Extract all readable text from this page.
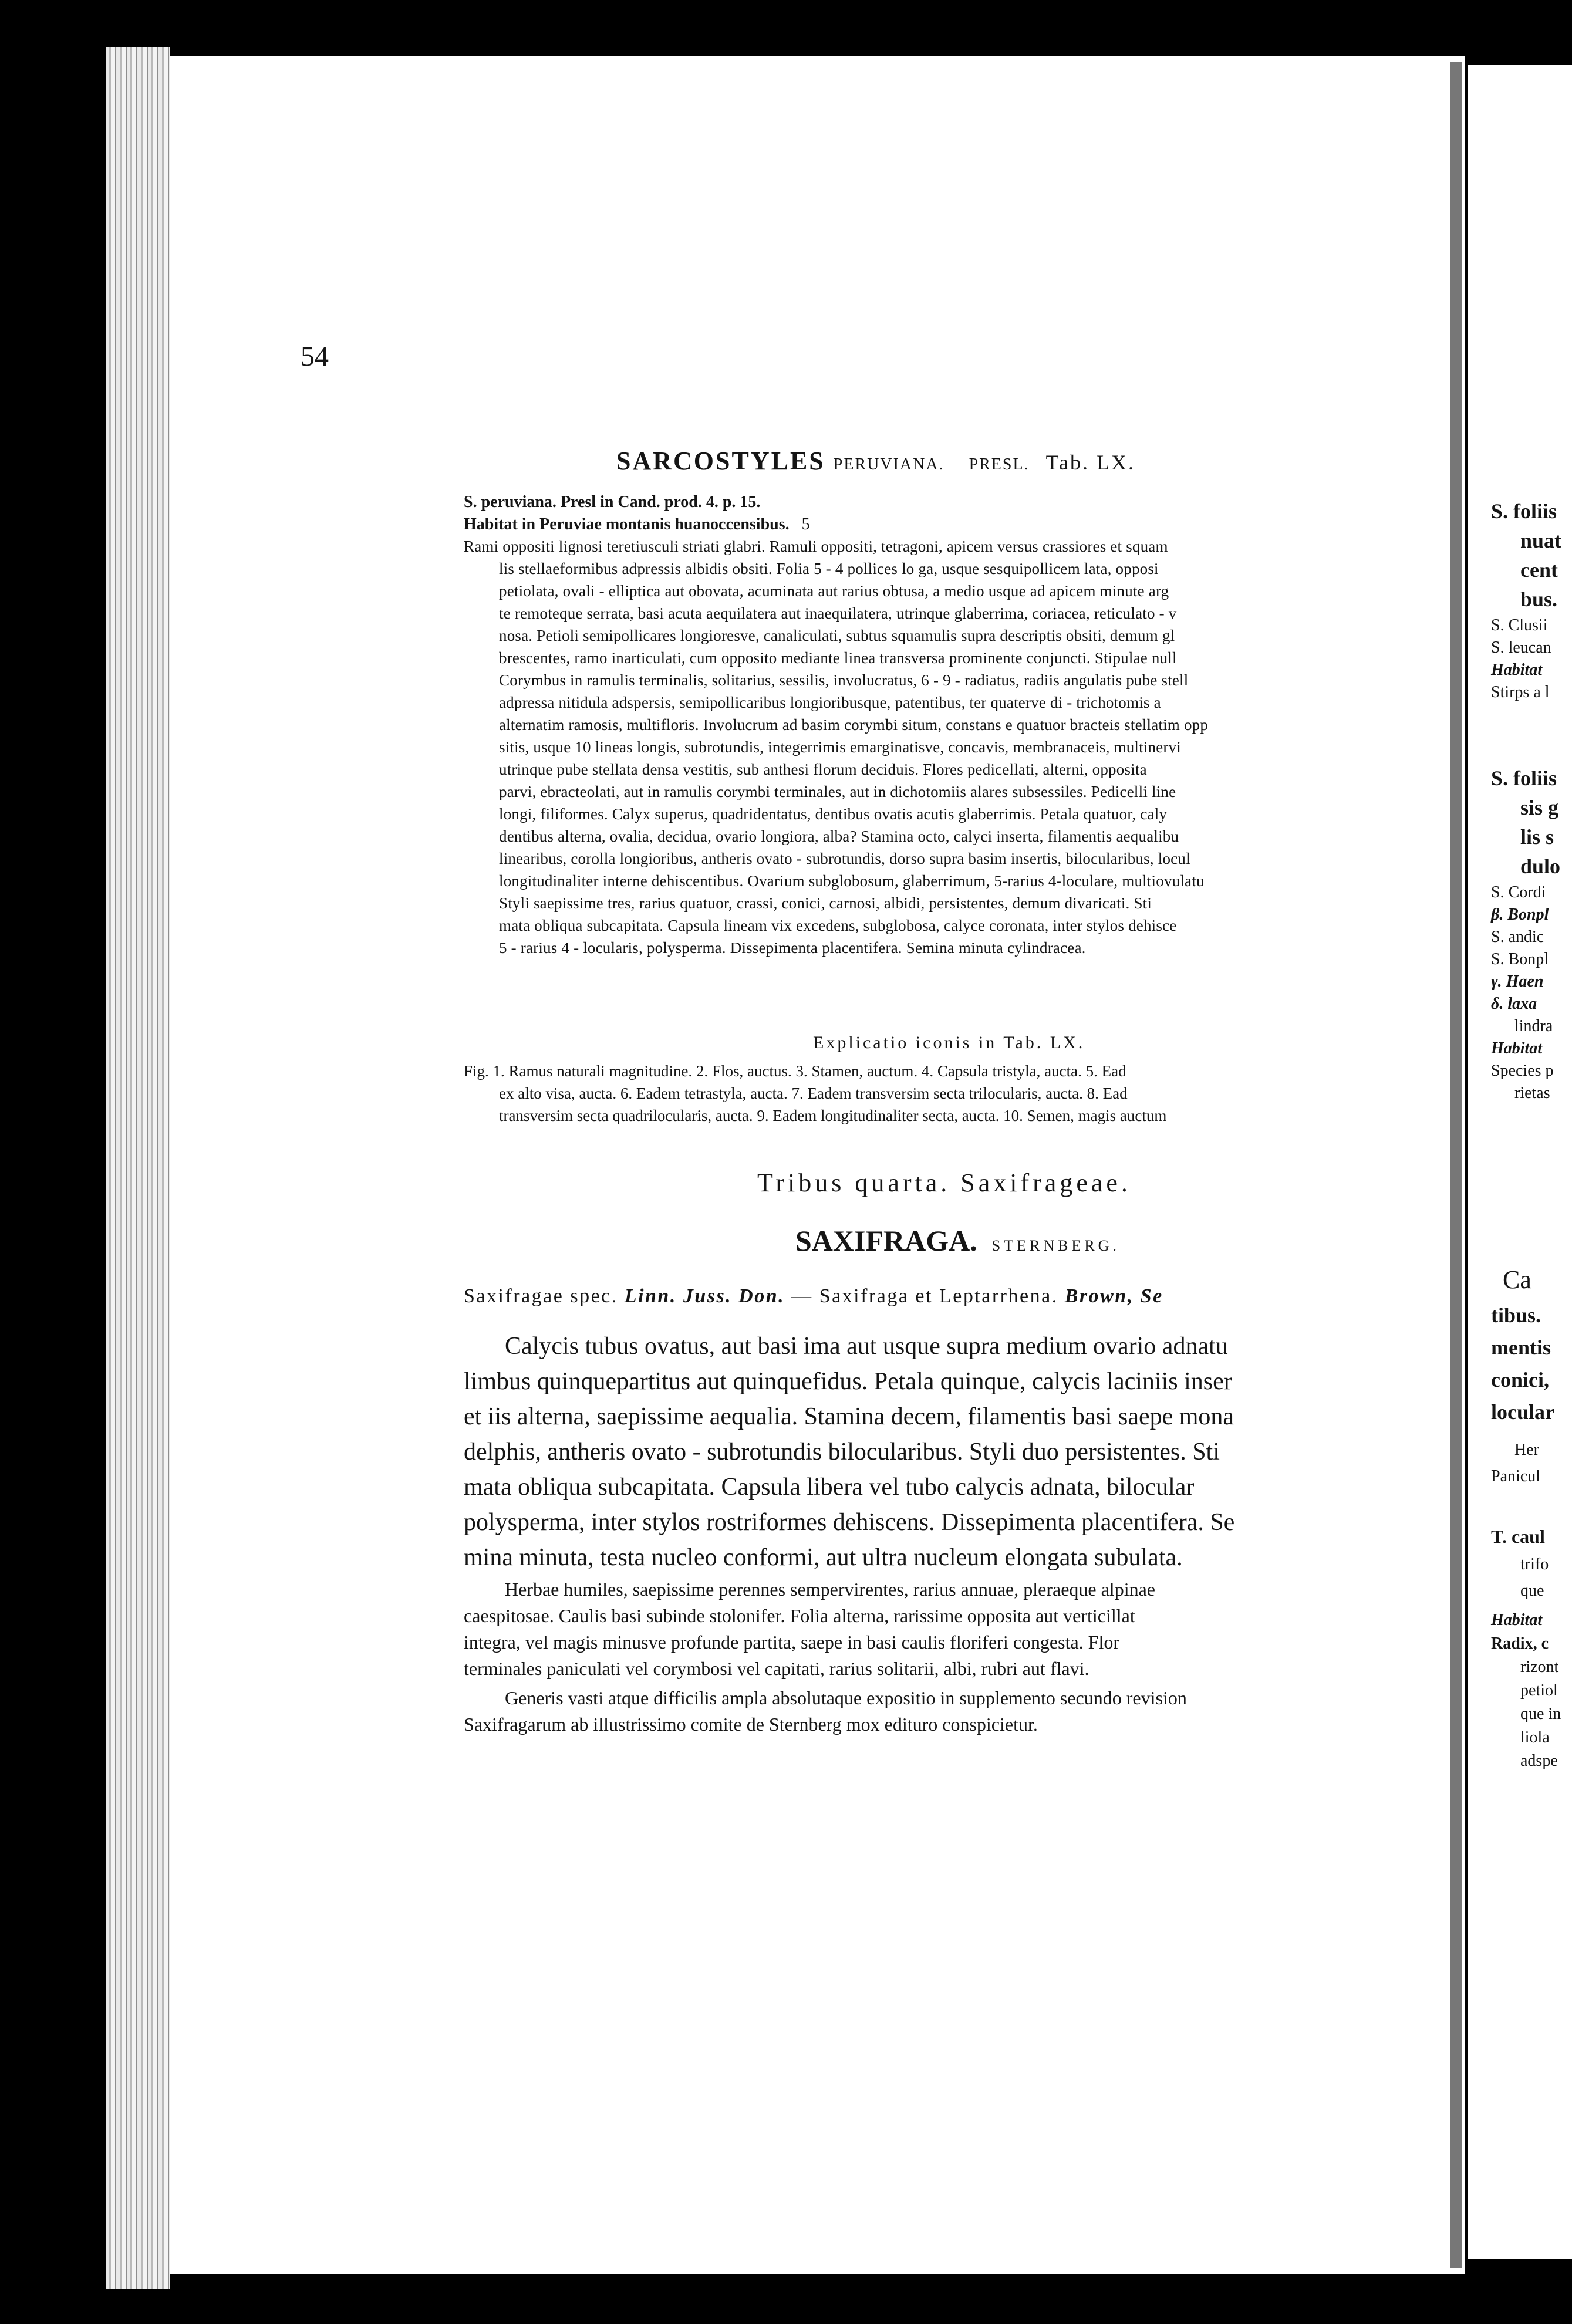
54
SARCOSTYLES PERUVIANA. PRESL. Tab. LX.
S. peruviana. Presl in Cand. prod. 4. p. 15.
Habitat in Peruviae montanis huanoccensibus. 5
Rami oppositi lignosi teretiusculi striati glabri. Ramuli oppositi, tetragoni, apicem versus crassiores et squam
lis stellaeformibus adpressis albidis obsiti. Folia 5 - 4 pollices lo ga, usque sesquipollicem lata, opposi
petiolata, ovali - elliptica aut obovata, acuminata aut rarius obtusa, a medio usque ad apicem minute arg
te remoteque serrata, basi acuta aequilatera aut inaequilatera, utrinque glaberrima, coriacea, reticulato - v
nosa. Petioli semipollicares longioresve, canaliculati, subtus squamulis supra descriptis obsiti, demum gl
brescentes, ramo inarticulati, cum opposito mediante linea transversa prominente conjuncti. Stipulae null
Corymbus in ramulis terminalis, solitarius, sessilis, involucratus, 6 - 9 - radiatus, radiis angulatis pube stell
adpressa nitidula adspersis, semipollicaribus longioribusque, patentibus, ter quaterve di - trichotomis a
alternatim ramosis, multifloris. Involucrum ad basim corymbi situm, constans e quatuor bracteis stellatim opp
sitis, usque 10 lineas longis, subrotundis, integerrimis emarginatisve, concavis, membranaceis, multinervi
utrinque pube stellata densa vestitis, sub anthesi florum deciduis. Flores pedicellati, alterni, opposita
parvi, ebracteolati, aut in ramulis corymbi terminales, aut in dichotomiis alares subsessiles. Pedicelli line
longi, filiformes. Calyx superus, quadridentatus, dentibus ovatis acutis glaberrimis. Petala quatuor, caly
dentibus alterna, ovalia, decidua, ovario longiora, alba? Stamina octo, calyci inserta, filamentis aequalibu
linearibus, corolla longioribus, antheris ovato - subrotundis, dorso supra basim insertis, bilocularibus, locul
longitudinaliter interne dehiscentibus. Ovarium subglobosum, glaberrimum, 5-rarius 4-loculare, multiovulatu
Styli saepissime tres, rarius quatuor, crassi, conici, carnosi, albidi, persistentes, demum divaricati. Sti
mata obliqua subcapitata. Capsula lineam vix excedens, subglobosa, calyce coronata, inter stylos dehisce
5 - rarius 4 - locularis, polysperma. Dissepimenta placentifera. Semina minuta cylindracea.
Explicatio iconis in Tab. LX.
Fig. 1. Ramus naturali magnitudine. 2. Flos, auctus. 3. Stamen, auctum. 4. Capsula tristyla, aucta. 5. Ead
ex alto visa, aucta. 6. Eadem tetrastyla, aucta. 7. Eadem transversim secta trilocularis, aucta. 8. Ead
transversim secta quadrilocularis, aucta. 9. Eadem longitudinaliter secta, aucta. 10. Semen, magis auctum
Tribus quarta. Saxifrageae.
SAXIFRAGA. STERNBERG.
Saxifragae spec. Linn. Juss. Don. — Saxifraga et Leptarrhena. Brown, Se
Calycis tubus ovatus, aut basi ima aut usque supra medium ovario adnatu
limbus quinquepartitus aut quinquefidus. Petala quinque, calycis laciniis inser
et iis alterna, saepissime aequalia. Stamina decem, filamentis basi saepe mona
delphis, antheris ovato - subrotundis bilocularibus. Styli duo persistentes. Sti
mata obliqua subcapitata. Capsula libera vel tubo calycis adnata, bilocular
polysperma, inter stylos rostriformes dehiscens. Dissepimenta placentifera. Se
mina minuta, testa nucleo conformi, aut ultra nucleum elongata subulata.
Herbae humiles, saepissime perennes sempervirentes, rarius annuae, pleraeque alpinae
caespitosae. Caulis basi subinde stolonifer. Folia alterna, rarissime opposita aut verticillat
integra, vel magis minusve profunde partita, saepe in basi caulis floriferi congesta. Flor
terminales paniculati vel corymbosi vel capitati, rarius solitarii, albi, rubri aut flavi.
Generis vasti atque difficilis ampla absolutaque expositio in supplemento secundo revision
Saxifragarum ab illustrissimo comite de Sternberg mox edituro conspicietur.
S. foliis
nuat
cent
bus.
S. Clusii
S. leucan
Habitat
Stirps a l
S. foliis
sis g
lis s
dulo
S. Cordi
β. Bonpl
S. andic
S. Bonpl
γ. Haen
δ. laxa
lindra
Habitat
Species p
rietas
Ca
tibus.
mentis
conici,
locular
Her
Panicul
T. caul
trifo
que
Habitat
Radix, c
rizont
petiol
que in
liola
adspe
